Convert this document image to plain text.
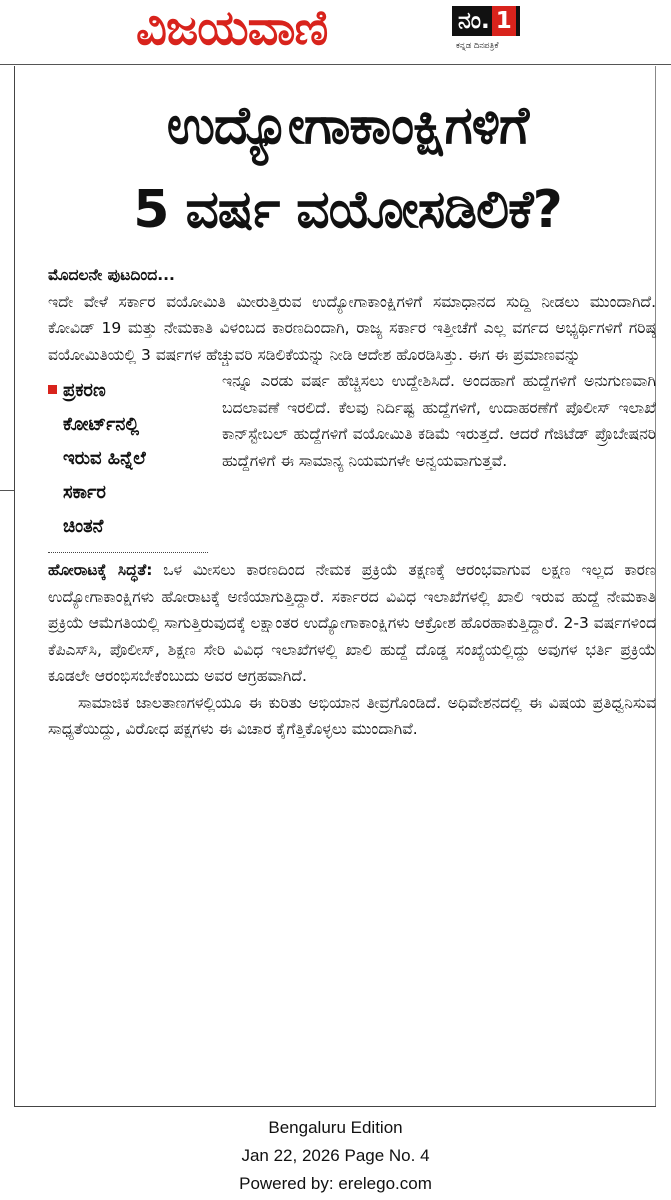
ವಿಜಯವಾಣಿ	ನಂ. 1
ಕನ್ನಡ ದಿನಪತ್ರಿಕೆ
ಉದ್ಯೋಗಾಕಾಂಕ್ಷಿಗಳಿಗೆ
5 ವರ್ಷ ವಯೋಸಡಿಲಿಕೆ?

ಮೊದಲನೇ ಪುಟದಿಂದ...

ಇದೇ ವೇಳೆ ಸರ್ಕಾರ ವಯೋಮಿತಿ ಮೀರುತ್ತಿರುವ ಉದ್ಯೋಗಾಕಾಂಕ್ಷಿಗಳಿಗೆ ಸಮಾಧಾನದ ಸುದ್ದಿ ನೀಡಲು ಮುಂದಾಗಿದೆ. ಕೋವಿಡ್ 19 ಮತ್ತು ನೇಮಕಾತಿ ವಿಳಂಬದ ಕಾರಣದಿಂದಾಗಿ, ರಾಜ್ಯ ಸರ್ಕಾರ ಇತ್ತೀಚೆಗೆ ಎಲ್ಲ ವರ್ಗದ ಅಭ್ಯರ್ಥಿಗಳಿಗೆ ಗರಿಷ್ಠ ವಯೋಮಿತಿಯಲ್ಲಿ 3 ವರ್ಷಗಳ ಹೆಚ್ಚುವರಿ ಸಡಿಲಿಕೆಯನ್ನು ನೀಡಿ ಆದೇಶ ಹೊರಡಿಸಿತ್ತು. ಈಗ ಈ ಪ್ರಮಾಣವನ್ನು

ಪ್ರಕರಣ
ಕೋರ್ಟ್‌ನಲ್ಲಿ
ಇರುವ ಹಿನ್ನೆಲೆ
ಸರ್ಕಾರ
ಚಿಂತನೆ

ಇನ್ನೂ ಎರಡು ವರ್ಷ ಹೆಚ್ಚಿಸಲು ಉದ್ದೇಶಿಸಿದೆ. ಅಂದಹಾಗೆ ಹುದ್ದೆಗಳಿಗೆ ಅನುಗುಣವಾಗಿ ಬದಲಾವಣೆ ಇರಲಿದೆ. ಕೆಲವು ನಿರ್ದಿಷ್ಟ ಹುದ್ದೆಗಳಿಗೆ, ಉದಾಹರಣೆಗೆ ಪೊಲೀಸ್ ಇಲಾಖೆ ಕಾನ್‌ಸ್ಟೇಬಲ್ ಹುದ್ದೆಗಳಿಗೆ ವಯೋಮಿತಿ ಕಡಿಮೆ ಇರುತ್ತದೆ. ಆದರೆ ಗೆಜಿಟೆಡ್ ಪ್ರೊಬೇಷನರಿ ಹುದ್ದೆಗಳಿಗೆ ಈ ಸಾಮಾನ್ಯ ನಿಯಮಗಳೇ ಅನ್ವಯವಾಗುತ್ತವೆ.

ಹೋರಾಟಕ್ಕೆ ಸಿದ್ಧತೆ: ಒಳ ಮೀಸಲು ಕಾರಣದಿಂದ ನೇಮಕ ಪ್ರಕ್ರಿಯೆ ತಕ್ಷಣಕ್ಕೆ ಆರಂಭವಾಗುವ ಲಕ್ಷಣ ಇಲ್ಲದ ಕಾರಣ ಉದ್ಯೋಗಾಕಾಂಕ್ಷಿಗಳು ಹೋರಾಟಕ್ಕೆ ಅಣಿಯಾಗುತ್ತಿದ್ದಾರೆ. ಸರ್ಕಾರದ ವಿವಿಧ ಇಲಾಖೆಗಳಲ್ಲಿ ಖಾಲಿ ಇರುವ ಹುದ್ದೆ ನೇಮಕಾತಿ ಪ್ರಕ್ರಿಯೆ ಆಮೆಗತಿಯಲ್ಲಿ ಸಾಗುತ್ತಿರುವುದಕ್ಕೆ ಲಕ್ಷಾಂತರ ಉದ್ಯೋಗಾಕಾಂಕ್ಷಿಗಳು ಆಕ್ರೋಶ ಹೊರಹಾಕುತ್ತಿದ್ದಾರೆ. 2-3 ವರ್ಷಗಳಿಂದ ಕೆಪಿಎಸ್‌ಸಿ, ಪೊಲೀಸ್, ಶಿಕ್ಷಣ ಸೇರಿ ವಿವಿಧ ಇಲಾಖೆಗಳಲ್ಲಿ ಖಾಲಿ ಹುದ್ದೆ ದೊಡ್ಡ ಸಂಖ್ಯೆಯಲ್ಲಿದ್ದು ಅವುಗಳ ಭರ್ತಿ ಪ್ರಕ್ರಿಯೆ ಕೂಡಲೇ ಆರಂಭಿಸಬೇಕೆಂಬುದು ಅವರ ಆಗ್ರಹವಾಗಿದೆ.

ಸಾಮಾಜಿಕ ಜಾಲತಾಣಗಳಲ್ಲಿಯೂ ಈ ಕುರಿತು ಅಭಿಯಾನ ತೀವ್ರಗೊಂಡಿದೆ. ಅಧಿವೇಶನದಲ್ಲಿ ಈ ವಿಷಯ ಪ್ರತಿಧ್ವನಿಸುವ ಸಾಧ್ಯತೆಯಿದ್ದು, ವಿರೋಧ ಪಕ್ಷಗಳು ಈ ವಿಚಾರ ಕೈಗೆತ್ತಿಕೊಳ್ಳಲು ಮುಂದಾಗಿವೆ.

Bengaluru Edition
Jan 22, 2026 Page No. 4
Powered by: erelego.com
